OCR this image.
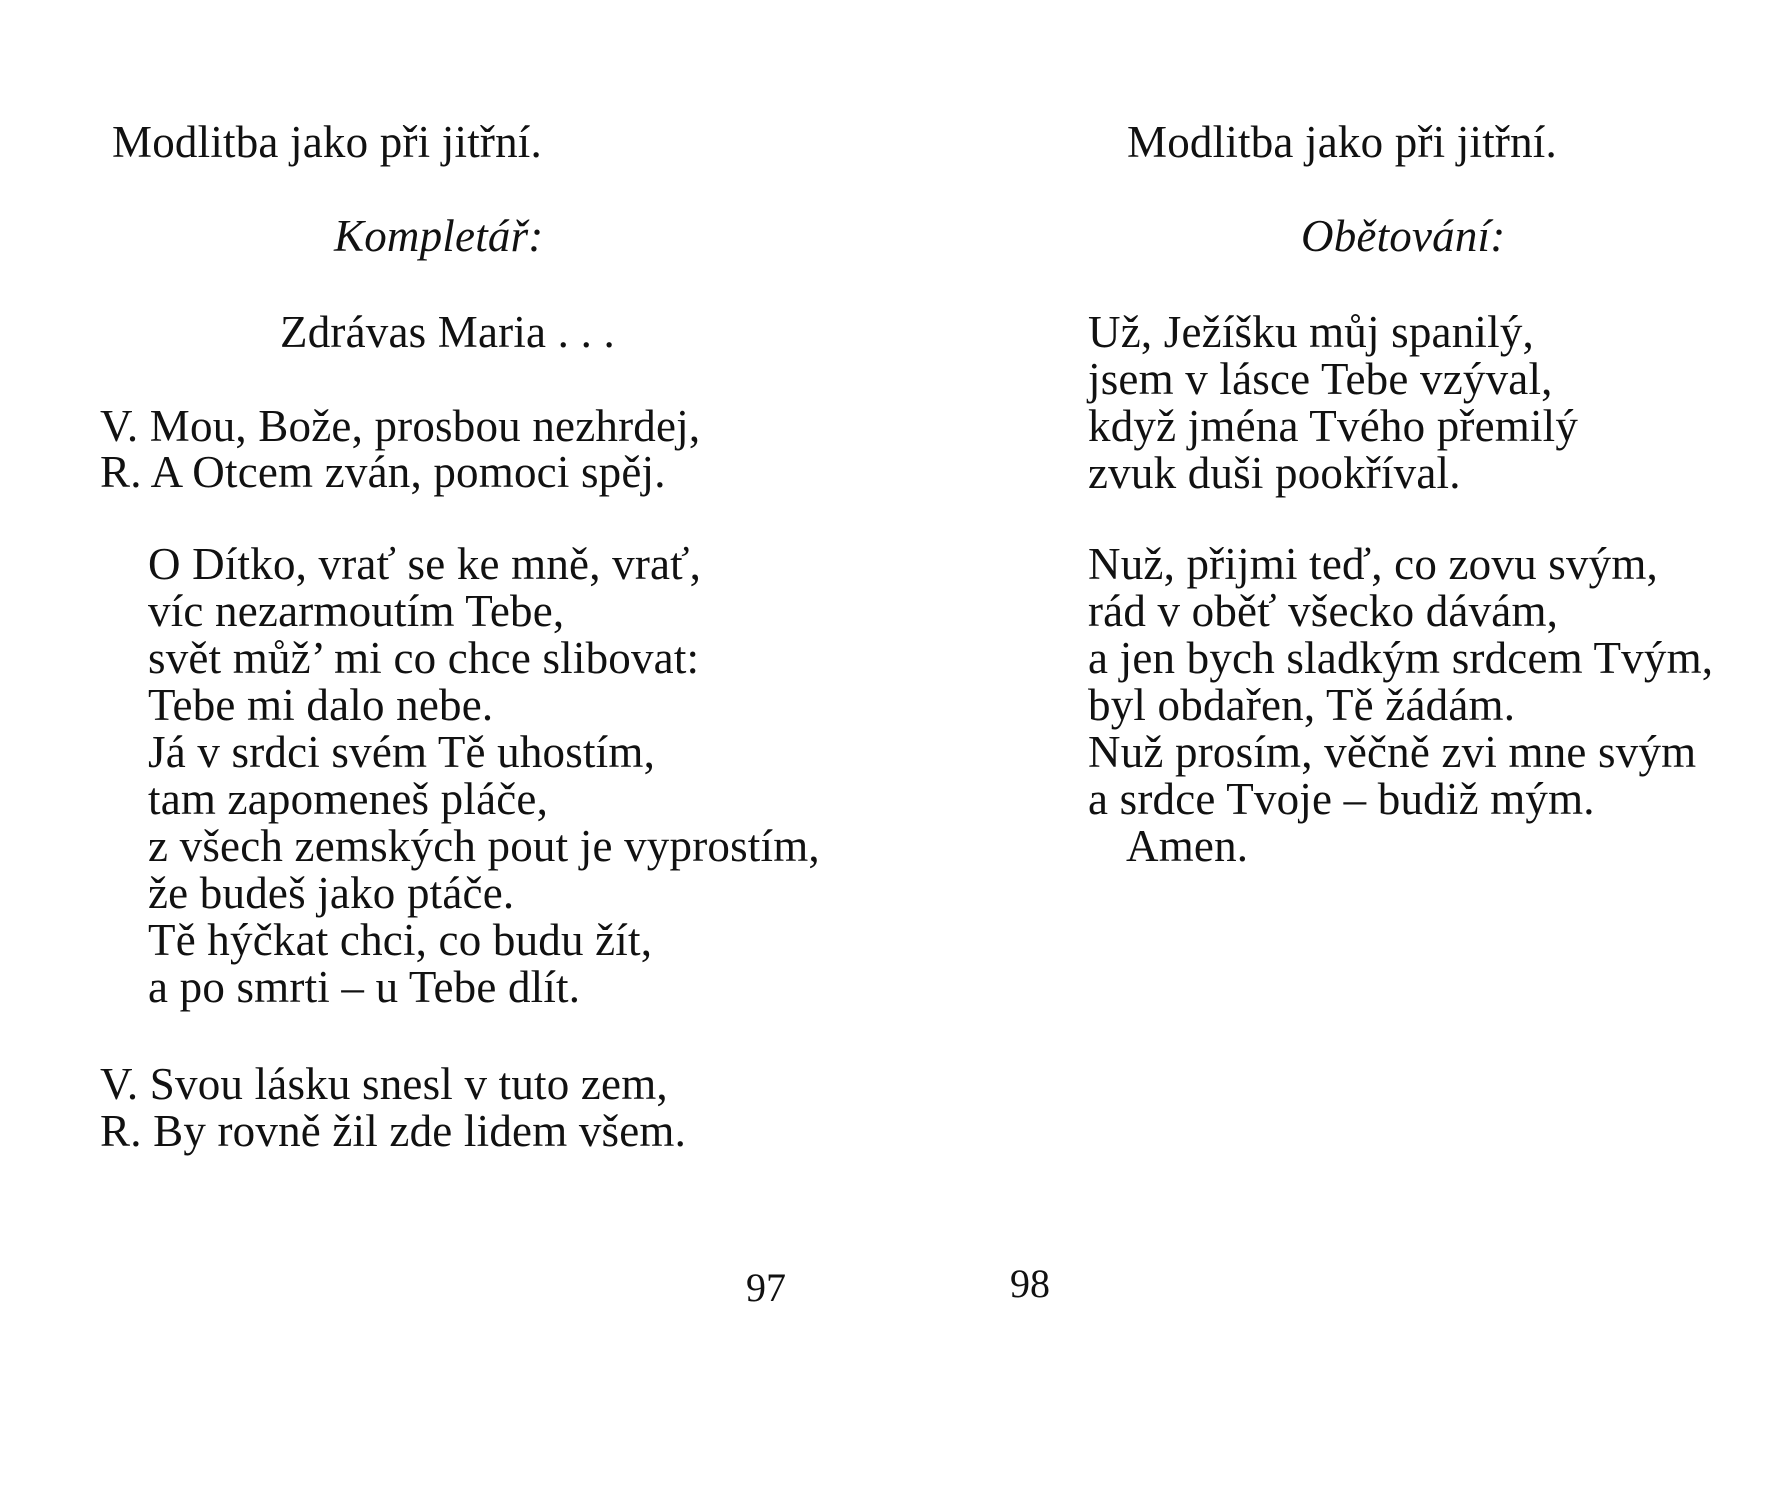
Modlitba jako při jitřní.
Kompletář:
Zdrávas Maria . . .
V. Mou, Bože, prosbou nezhrdej,
R. A Otcem zván, pomoci spěj.
O Dítko, vrať se ke mně, vrať,
víc nezarmoutím Tebe,
svět můž’ mi co chce slibovat:
Tebe mi dalo nebe.
Já v srdci svém Tě uhostím,
tam zapomeneš pláče,
z všech zemských pout je vyprostím,
že budeš jako ptáče.
Tě hýčkat chci, co budu žít,
a po smrti – u Tebe dlít.
V. Svou lásku snesl v tuto zem,
R. By rovně žil zde lidem všem.
97
Modlitba jako při jitřní.
Obětování:
Už, Ježíšku můj spanilý,
jsem v lásce Tebe vzýval,
když jména Tvého přemilý
zvuk duši pookříval.
Nuž, přijmi teď, co zovu svým,
rád v oběť všecko dávám,
a jen bych sladkým srdcem Tvým,
byl obdařen, Tě žádám.
Nuž prosím, věčně zvi mne svým
a srdce Tvoje – budiž mým.
Amen.
98
